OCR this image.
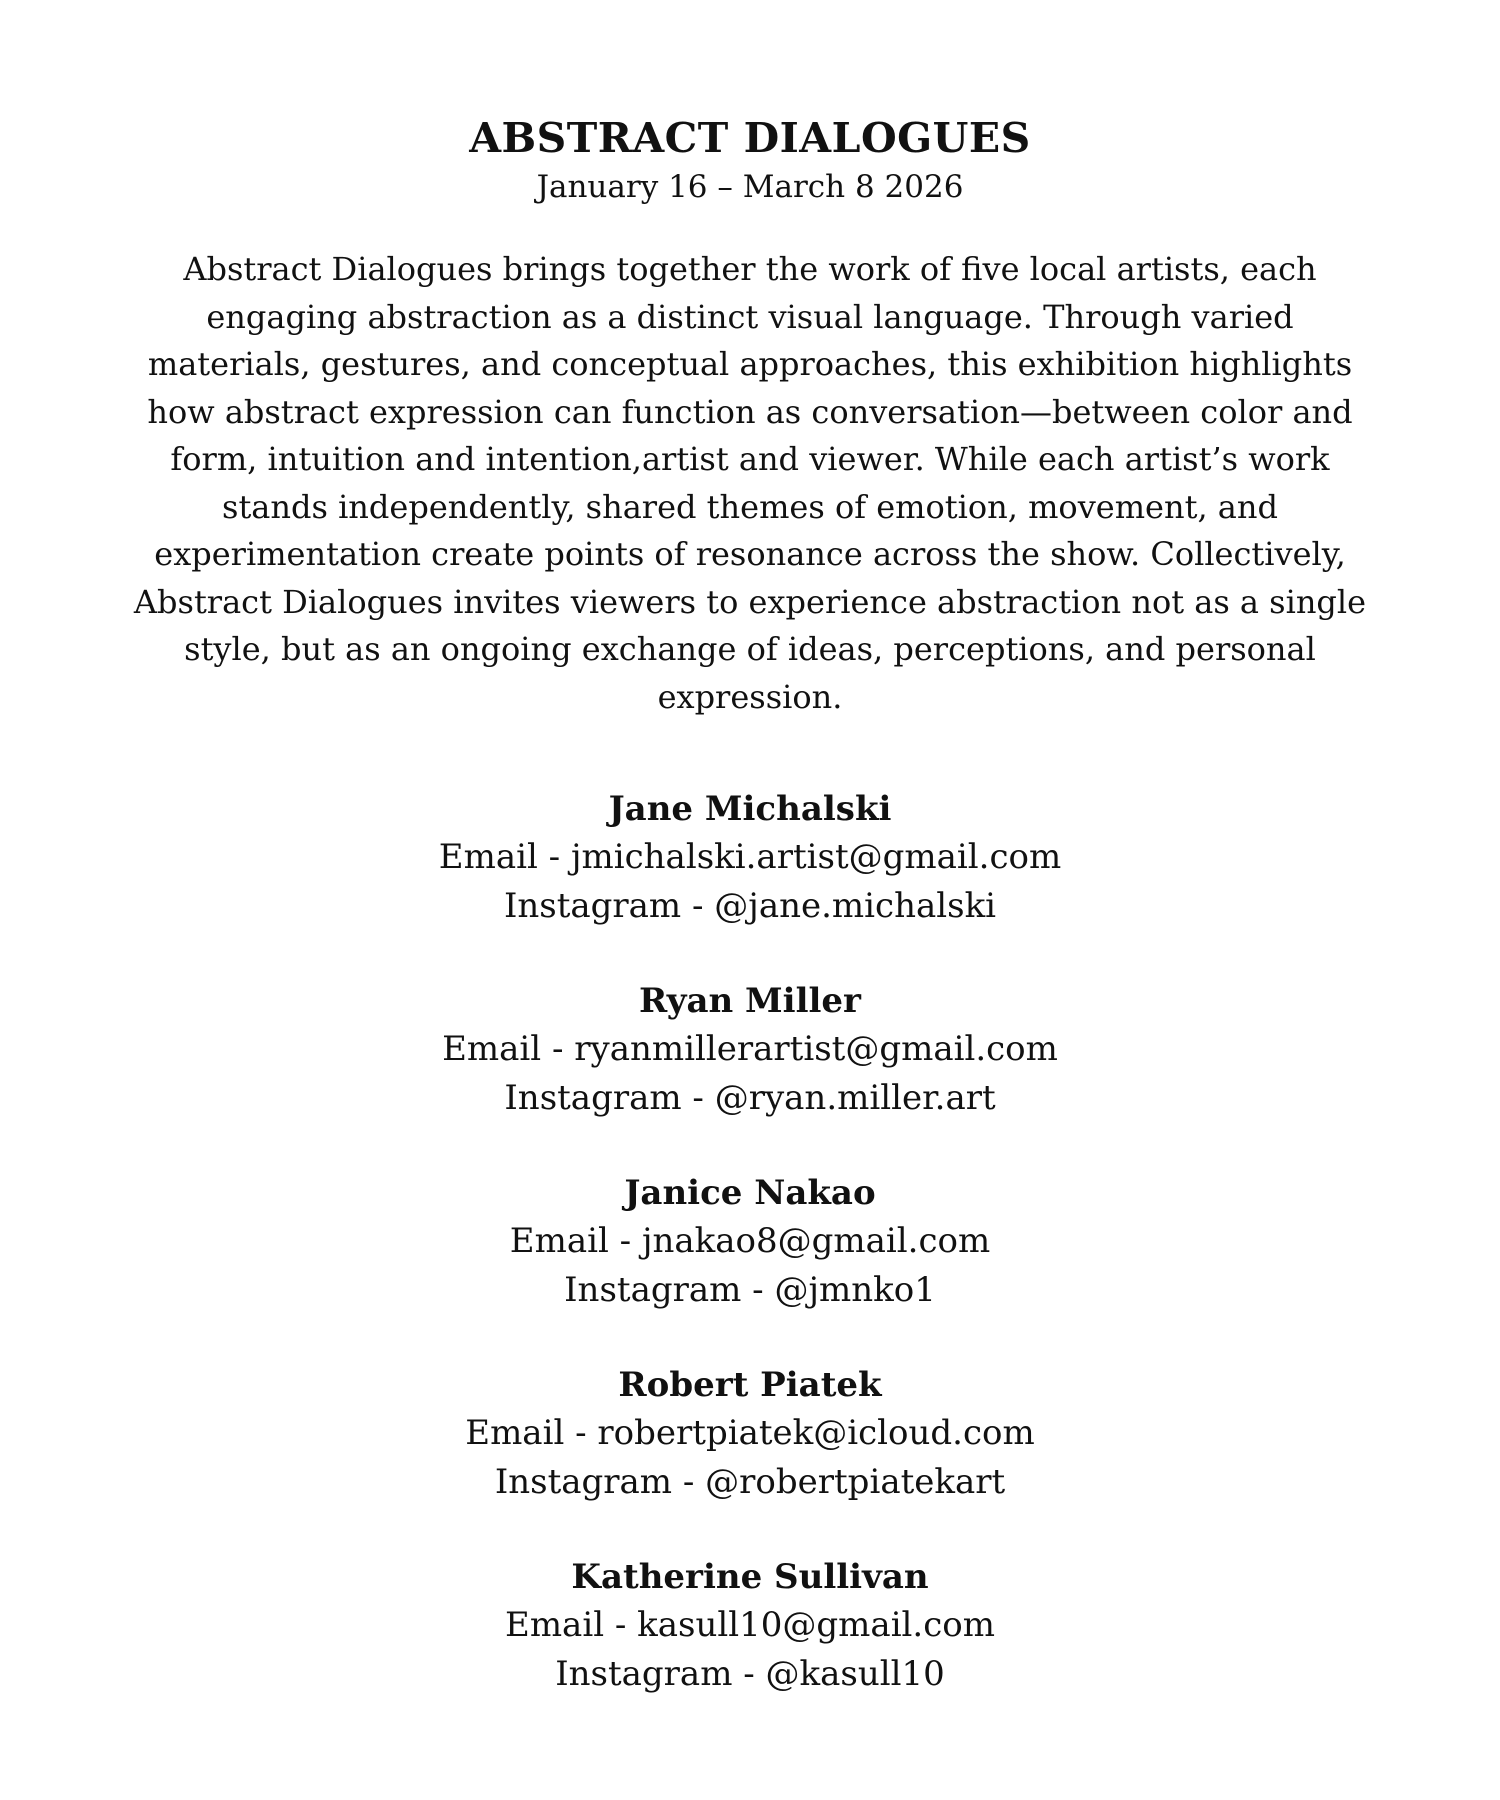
ABSTRACT DIALOGUES

January 16 – March 8 2026

Abstract Dialogues brings together the work of five local artists, each engaging abstraction as a distinct visual language. Through varied materials, gestures, and conceptual approaches, this exhibition highlights how abstract expression can function as conversation—between color and form, intuition and intention,artist and viewer. While each artist’s work stands independently, shared themes of emotion, movement, and experimentation create points of resonance across the show. Collectively, Abstract Dialogues invites viewers to experience abstraction not as a single style, but as an ongoing exchange of ideas, perceptions, and personal expression.

Jane Michalski

Email - jmichalski.artist@gmail.com

Instagram - @jane.michalski

Ryan Miller

Email - ryanmillerartist@gmail.com

Instagram - @ryan.miller.art

Janice Nakao

Email - jnakao8@gmail.com

Instagram - @jmnko1

Robert Piatek

Email - robertpiatek@icloud.com

Instagram - @robertpiatekart

Katherine Sullivan

Email - kasull10@gmail.com

Instagram - @kasull10
